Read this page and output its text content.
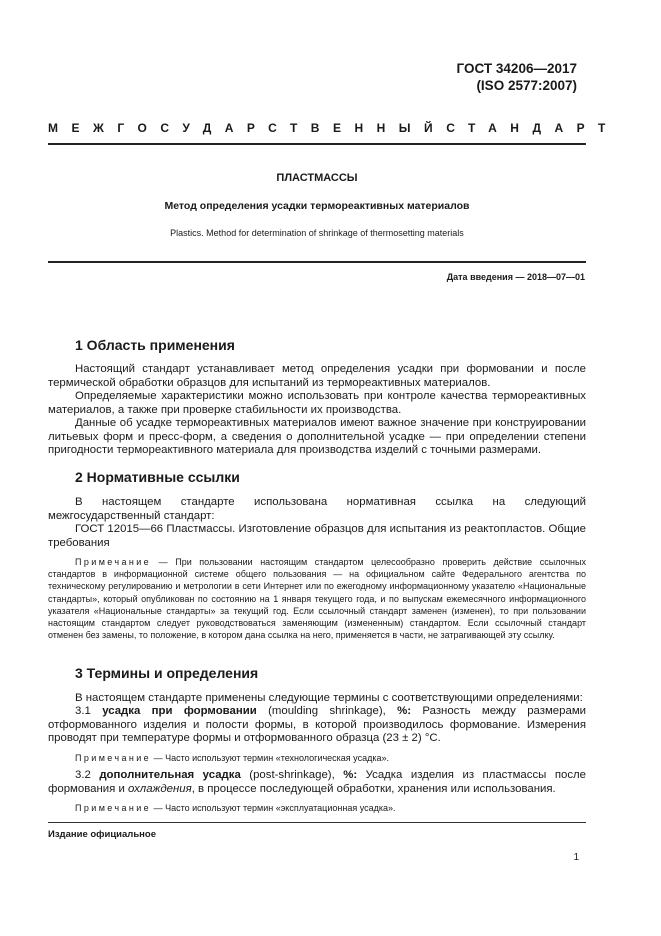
ГОСТ 34206—2017
(ISO 2577:2007)
МЕЖГОСУДАРСТВЕННЫЙ СТАНДАРТ
ПЛАСТМАССЫ
Метод определения усадки термореактивных материалов
Plastics. Method for determination of shrinkage of thermosetting materials
Дата введения — 2018—07—01
1 Область применения
Настоящий стандарт устанавливает метод определения усадки при формовании и после термической обработки образцов для испытаний из термореактивных материалов.
Определяемые характеристики можно использовать при контроле качества термореактивных материалов, а также при проверке стабильности их производства.
Данные об усадке термореактивных материалов имеют важное значение при конструировании литьевых форм и пресс-форм, а сведения о дополнительной усадке — при определении степени пригодности термореактивного материала для производства изделий с точными размерами.
2 Нормативные ссылки
В настоящем стандарте использована нормативная ссылка на следующий межгосударственный стандарт:
ГОСТ 12015—66 Пластмассы. Изготовление образцов для испытания из реактопластов. Общие требования
Примечание — При пользовании настоящим стандартом целесообразно проверить действие ссылочных стандартов в информационной системе общего пользования — на официальном сайте Федерального агентства по техническому регулированию и метрологии в сети Интернет или по ежегодному информационному указателю «Национальные стандарты», который опубликован по состоянию на 1 января текущего года, и по выпускам ежемесячного информационного указателя «Национальные стандарты» за текущий год. Если ссылочный стандарт заменен (изменен), то при пользовании настоящим стандартом следует руководствоваться заменяющим (измененным) стандартом. Если ссылочный стандарт отменен без замены, то положение, в котором дана ссылка на него, применяется в части, не затрагивающей эту ссылку.
3 Термины и определения
В настоящем стандарте применены следующие термины с соответствующими определениями:
3.1 усадка при формовании (moulding shrinkage), %: Разность между размерами отформованного изделия и полости формы, в которой производилось формование. Измерения проводят при температуре формы и отформованного образца (23 ± 2) °С.
Примечание — Часто используют термин «технологическая усадка».
3.2 дополнительная усадка (post-shrinkage), %: Усадка изделия из пластмассы после формования и охлаждения, в процессе последующей обработки, хранения или использования.
Примечание — Часто используют термин «эксплуатационная усадка».
Издание официальное
1
